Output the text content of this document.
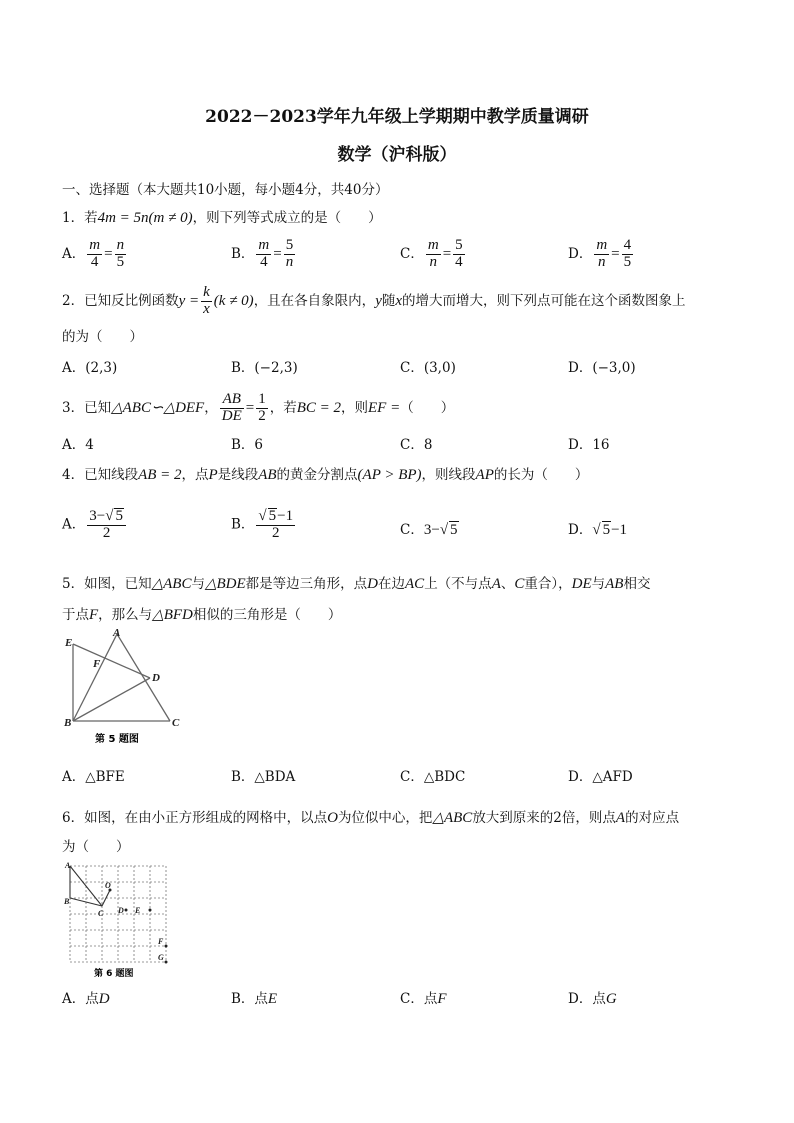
2022－2023学年九年级上学期期中教学质量调研
数学（沪科版）
一、选择题（本大题共10小题，每小题4分，共40分）
1．若4m = 5n(m ≠ 0)，则下列等式成立的是（　　）
A． $\frac{m}{4} = \frac{n}{5}$	B． $\frac{m}{4} = \frac{5}{n}$	C． $\frac{m}{n} = \frac{5}{4}$	D． $\frac{m}{n} = \frac{4}{5}$
2．已知反比例函数$y = \frac{k}{x} (k \ne 0)$，且在各自象限内，y随x的增大而增大，则下列点可能在这个函数图象上
的为（　　）
A．(2,3)	B．(−2,3)	C．(3,0)	D．(−3,0)
3．已知△ABC∽△DEF， $\frac{AB}{DE} = \frac{1}{2}$ ，若BC = 2，则EF =（　　）
A．4	B．6	C．8	D．16
4．已知线段AB = 2，点P是线段AB的黄金分割点(AP > BP)，则线段AP的长为（　　）
A． $\frac{3-√ 5}{2}$	B． $\frac{√ 5-1}{2}$	C．3−√ 5	D．√ 5−1
5．如图，已知△ABC与△BDE都是等边三角形，点D在边AC上（不与点A、C重合），DE与AB相交
于点F，那么与△BFD相似的三角形是（　　）
E
A
F
D
B	C
第 5 题图
A．△BFE	B．△BDA	C．△BDC	D．△AFD
6．如图，在由小正方形组成的网格中，以点O为位似中心，把△ABC放大到原来的2倍，则点A的对应点
为（　　）
A
O
B
C D E
F
G
第 6 题图
A．点D	B．点E	C．点F	D．点G
